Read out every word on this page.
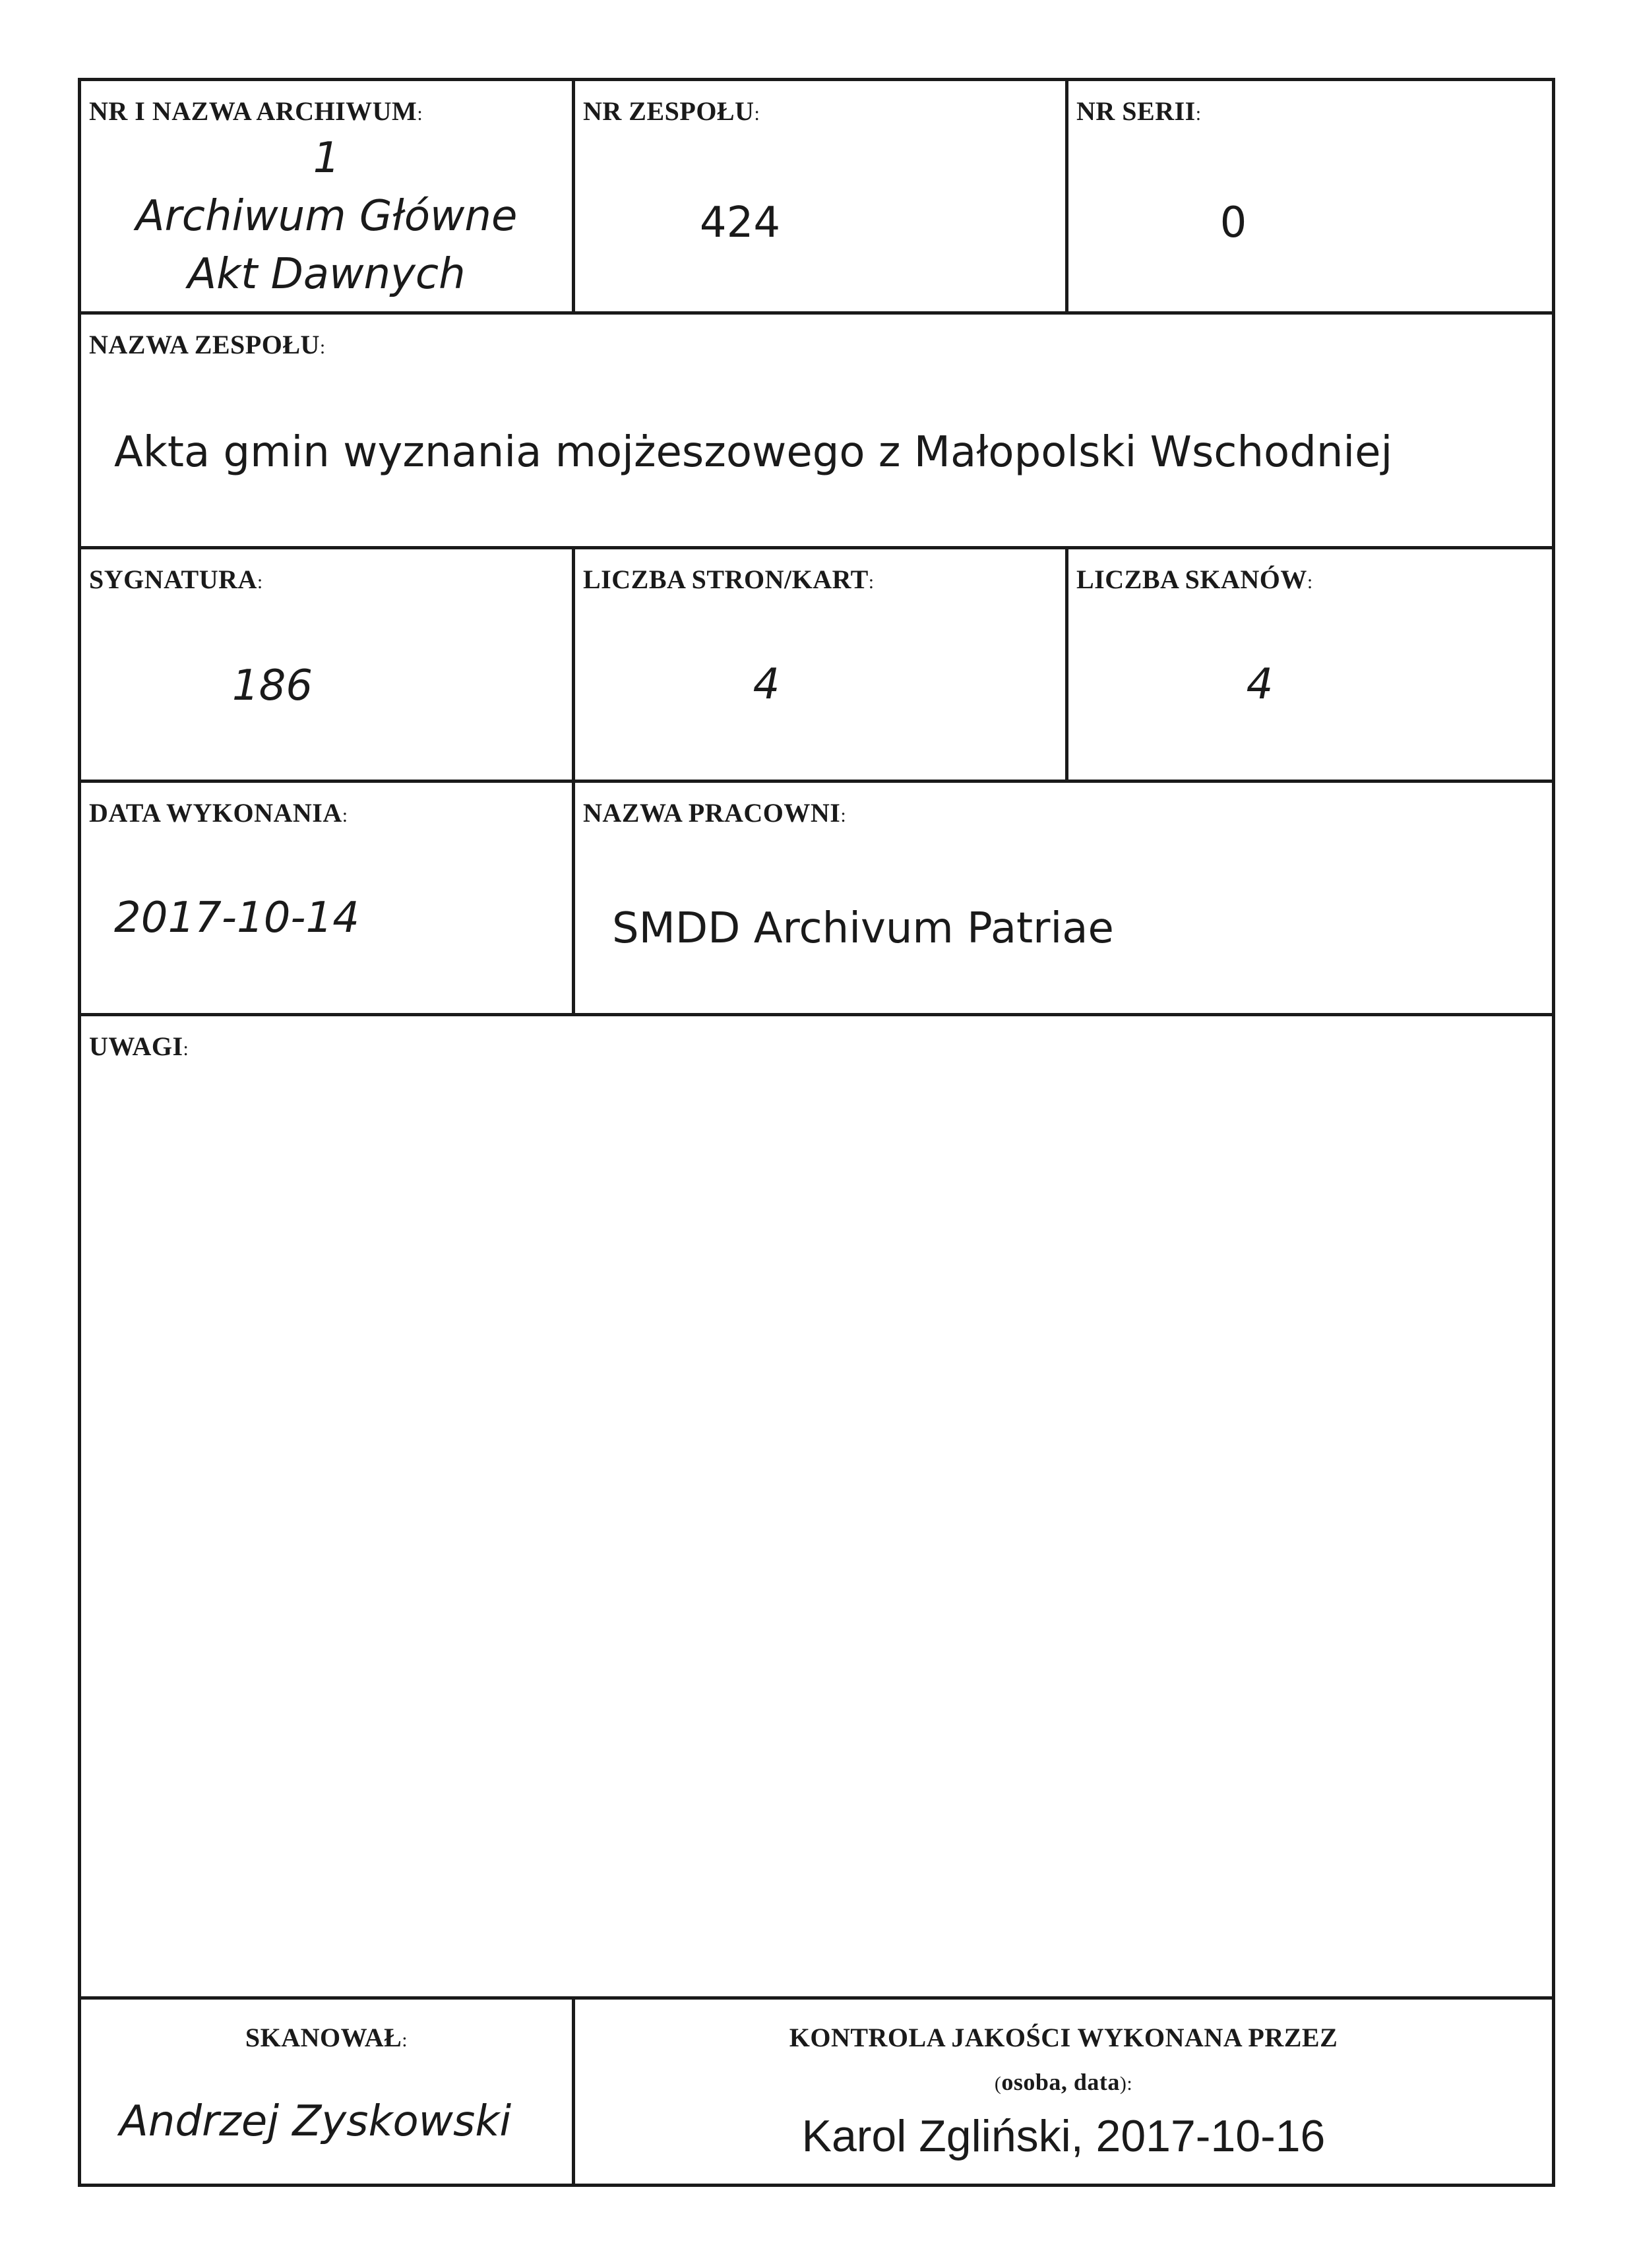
NR I NAZWA ARCHIWUM:
1
Archiwum Główne
Akt Dawnych
NR ZESPOŁU:
424
NR SERII:
0
NAZWA ZESPOŁU:
Akta gmin wyznania mojżeszowego z Małopolski Wschodniej
SYGNATURA:
186
LICZBA STRON/KART:
4
LICZBA SKANÓW:
4
DATA WYKONANIA:
2017-10-14
NAZWA PRACOWNI:
SMDD Archivum Patriae
UWAGI:
SKANOWAŁ:
Andrzej Zyskowski
KONTROLA JAKOŚCI WYKONANA PRZEZ
(osoba, data):
Karol Zgliński, 2017-10-16
